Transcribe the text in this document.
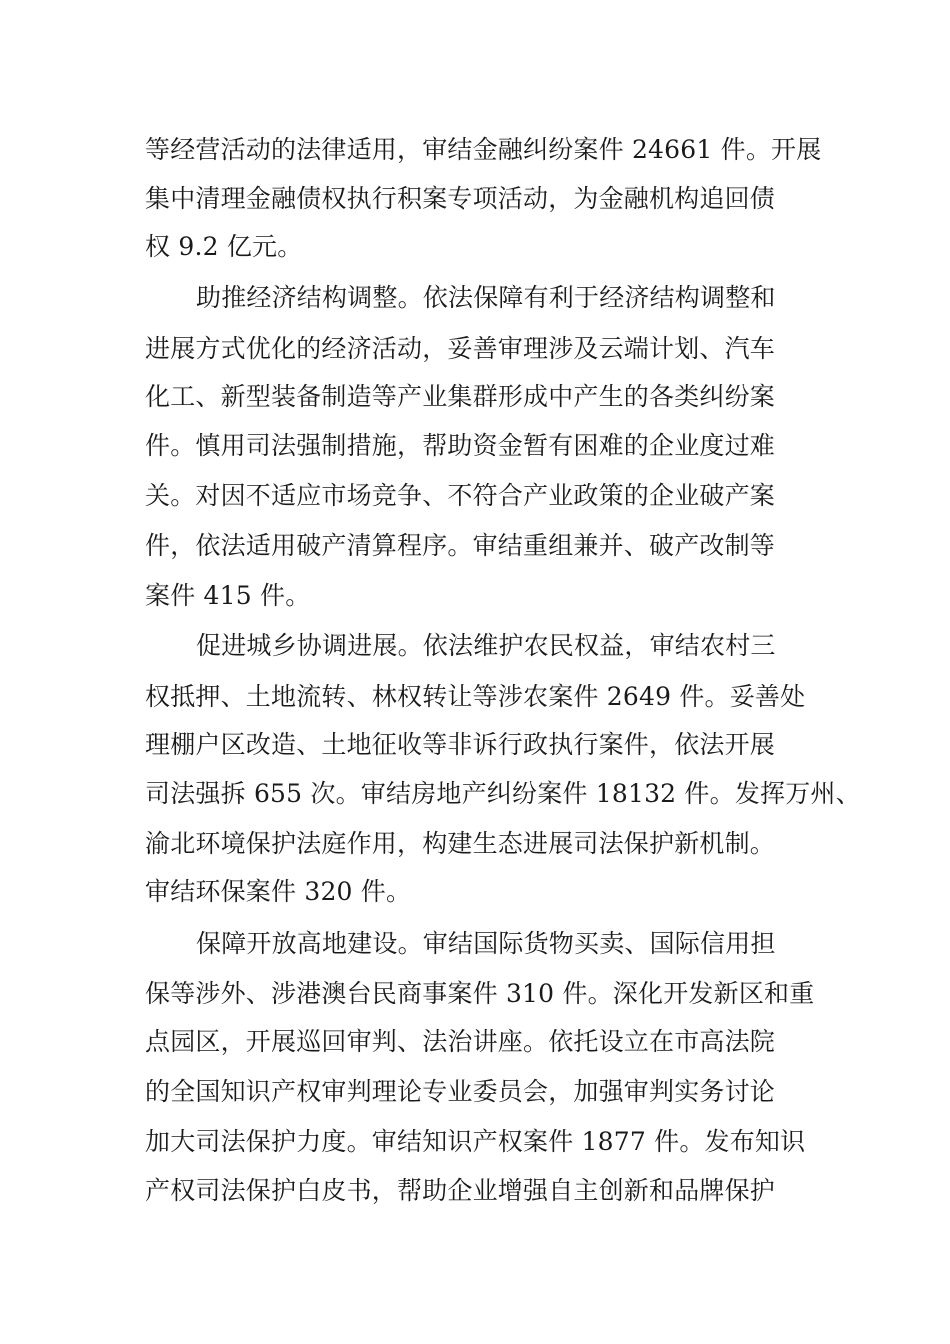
等经营活动的法律适用，审结金融纠纷案件 24661 件。开展
集中清理金融债权执行积案专项活动，为金融机构追回债
权 9.2 亿元。
助推经济结构调整。依法保障有利于经济结构调整和
进展方式优化的经济活动，妥善审理涉及云端计划、汽车
化工、新型装备制造等产业集群形成中产生的各类纠纷案
件。慎用司法强制措施，帮助资金暂有困难的企业度过难
关。对因不适应市场竞争、不符合产业政策的企业破产案
件，依法适用破产清算程序。审结重组兼并、破产改制等
案件 415 件。
促进城乡协调进展。依法维护农民权益，审结农村三
权抵押、土地流转、林权转让等涉农案件 2649 件。妥善处
理棚户区改造、土地征收等非诉行政执行案件，依法开展
司法强拆 655 次。审结房地产纠纷案件 18132 件。发挥万州、
渝北环境保护法庭作用，构建生态进展司法保护新机制。
审结环保案件 320 件。
保障开放高地建设。审结国际货物买卖、国际信用担
保等涉外、涉港澳台民商事案件 310 件。深化开发新区和重
点园区，开展巡回审判、法治讲座。依托设立在市高法院
的全国知识产权审判理论专业委员会，加强审判实务讨论
加大司法保护力度。审结知识产权案件 1877 件。发布知识
产权司法保护白皮书，帮助企业增强自主创新和品牌保护
